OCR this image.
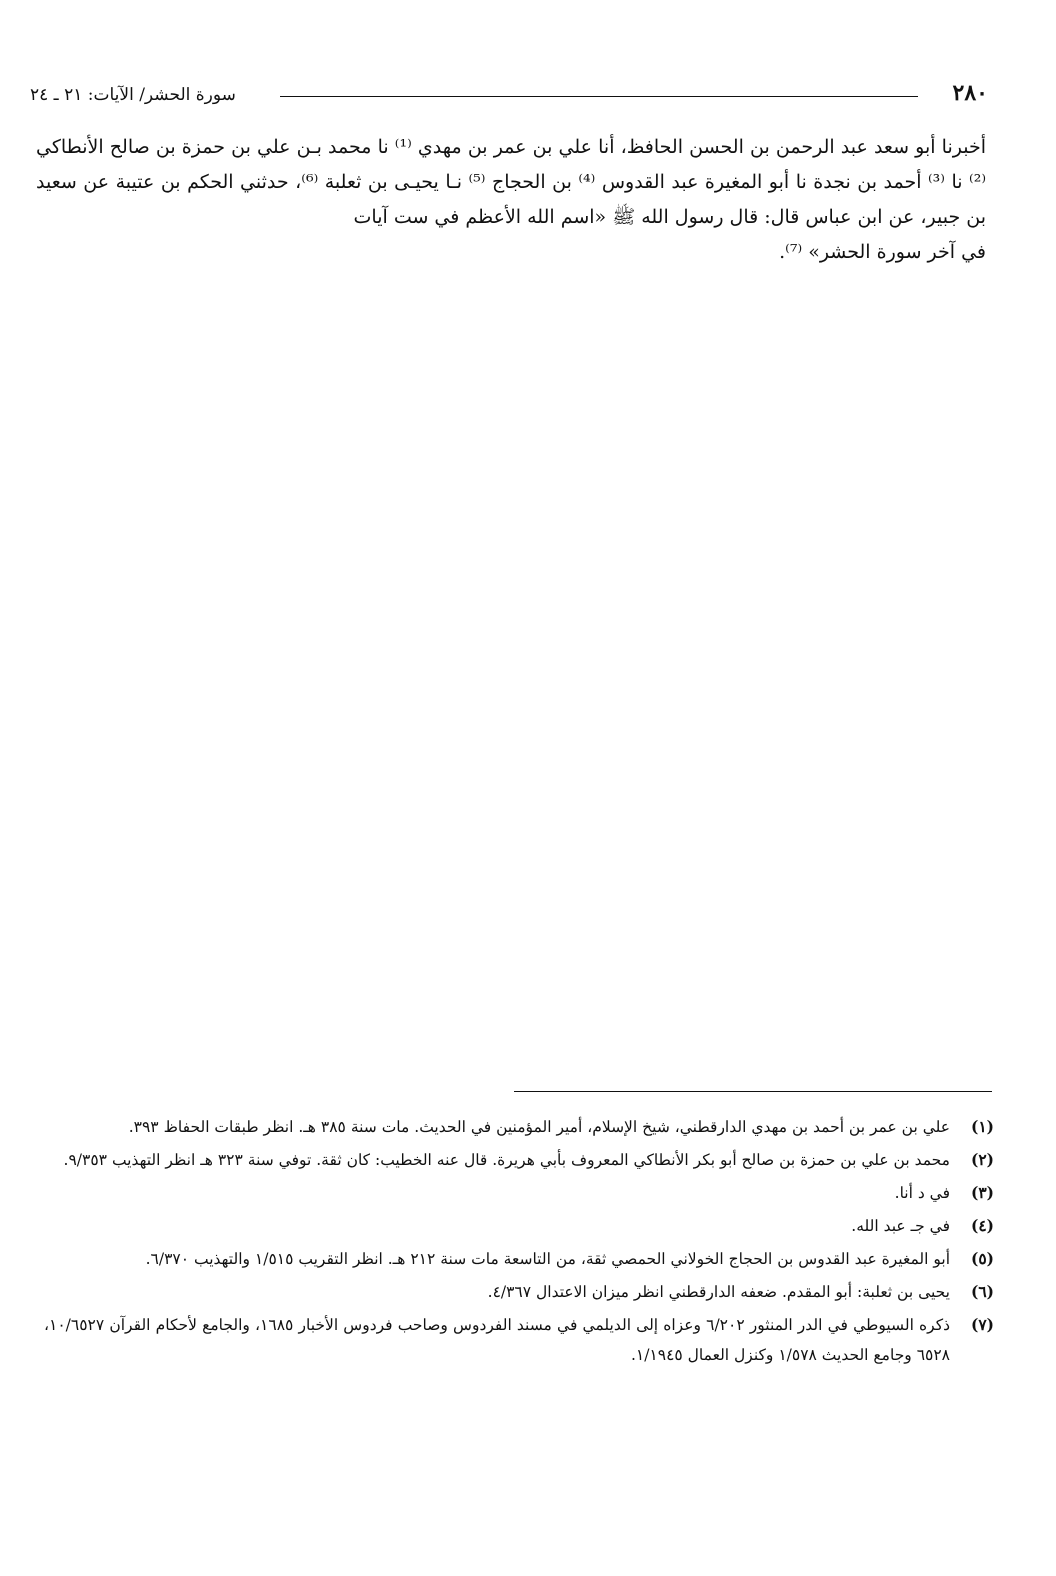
٢٨٠
سورة الحشر/ الآيات: ٢١ ـ ٢٤

أخبرنا أبو سعد عبد الرحمن بن الحسن الحافظ، أنا علي بن عمر بن مهدي ⁽¹⁾ نا محمد بـن علي بن حمزة بن صالح الأنطاكي ⁽²⁾ نا ⁽³⁾ أحمد بن نجدة نا أبو المغيرة عبد القدوس ⁽⁴⁾ بن الحجاج ⁽⁵⁾ نـا يحيـى بن ثعلبة ⁽⁶⁾، حدثني الحكم بن عتيبة عن سعيد بن جبير، عن ابن عباس قال: قال رسول الله ﷺ «اسم الله الأعظم في ست آيات

في آخر سورة الحشر» ⁽⁷⁾.

(١)
علي بن عمر بن أحمد بن مهدي الدارقطني، شيخ الإسلام، أمير المؤمنين في الحديث. مات سنة ٣٨٥ هـ. انظر طبقات الحفاظ ٣٩٣.
(٢)
محمد بن علي بن حمزة بن صالح أبو بكر الأنطاكي المعروف بأبي هريرة. قال عنه الخطيب: كان ثقة. توفي سنة ٣٢٣ هـ انظر التهذيب ٩/٣٥٣.
(٣)
في د أنا.
(٤)
في جـ عبد الله.
(٥)
أبو المغيرة عبد القدوس بن الحجاج الخولاني الحمصي ثقة، من التاسعة مات سنة ٢١٢ هـ. انظر التقريب ١/٥١٥ والتهذيب ٦/٣٧٠.
(٦)
يحيى بن ثعلبة: أبو المقدم. ضعفه الدارقطني انظر ميزان الاعتدال ٤/٣٦٧.
(٧)
ذكره السيوطي في الدر المنثور ٦/٢٠٢ وعزاه إلى الديلمي في مسند الفردوس وصاحب فردوس الأخبار ١٦٨٥، والجامع لأحكام القرآن ١٠/٦٥٢٧، ٦٥٢٨ وجامع الحديث ١/٥٧٨ وكنزل العمال ١/١٩٤٥.
